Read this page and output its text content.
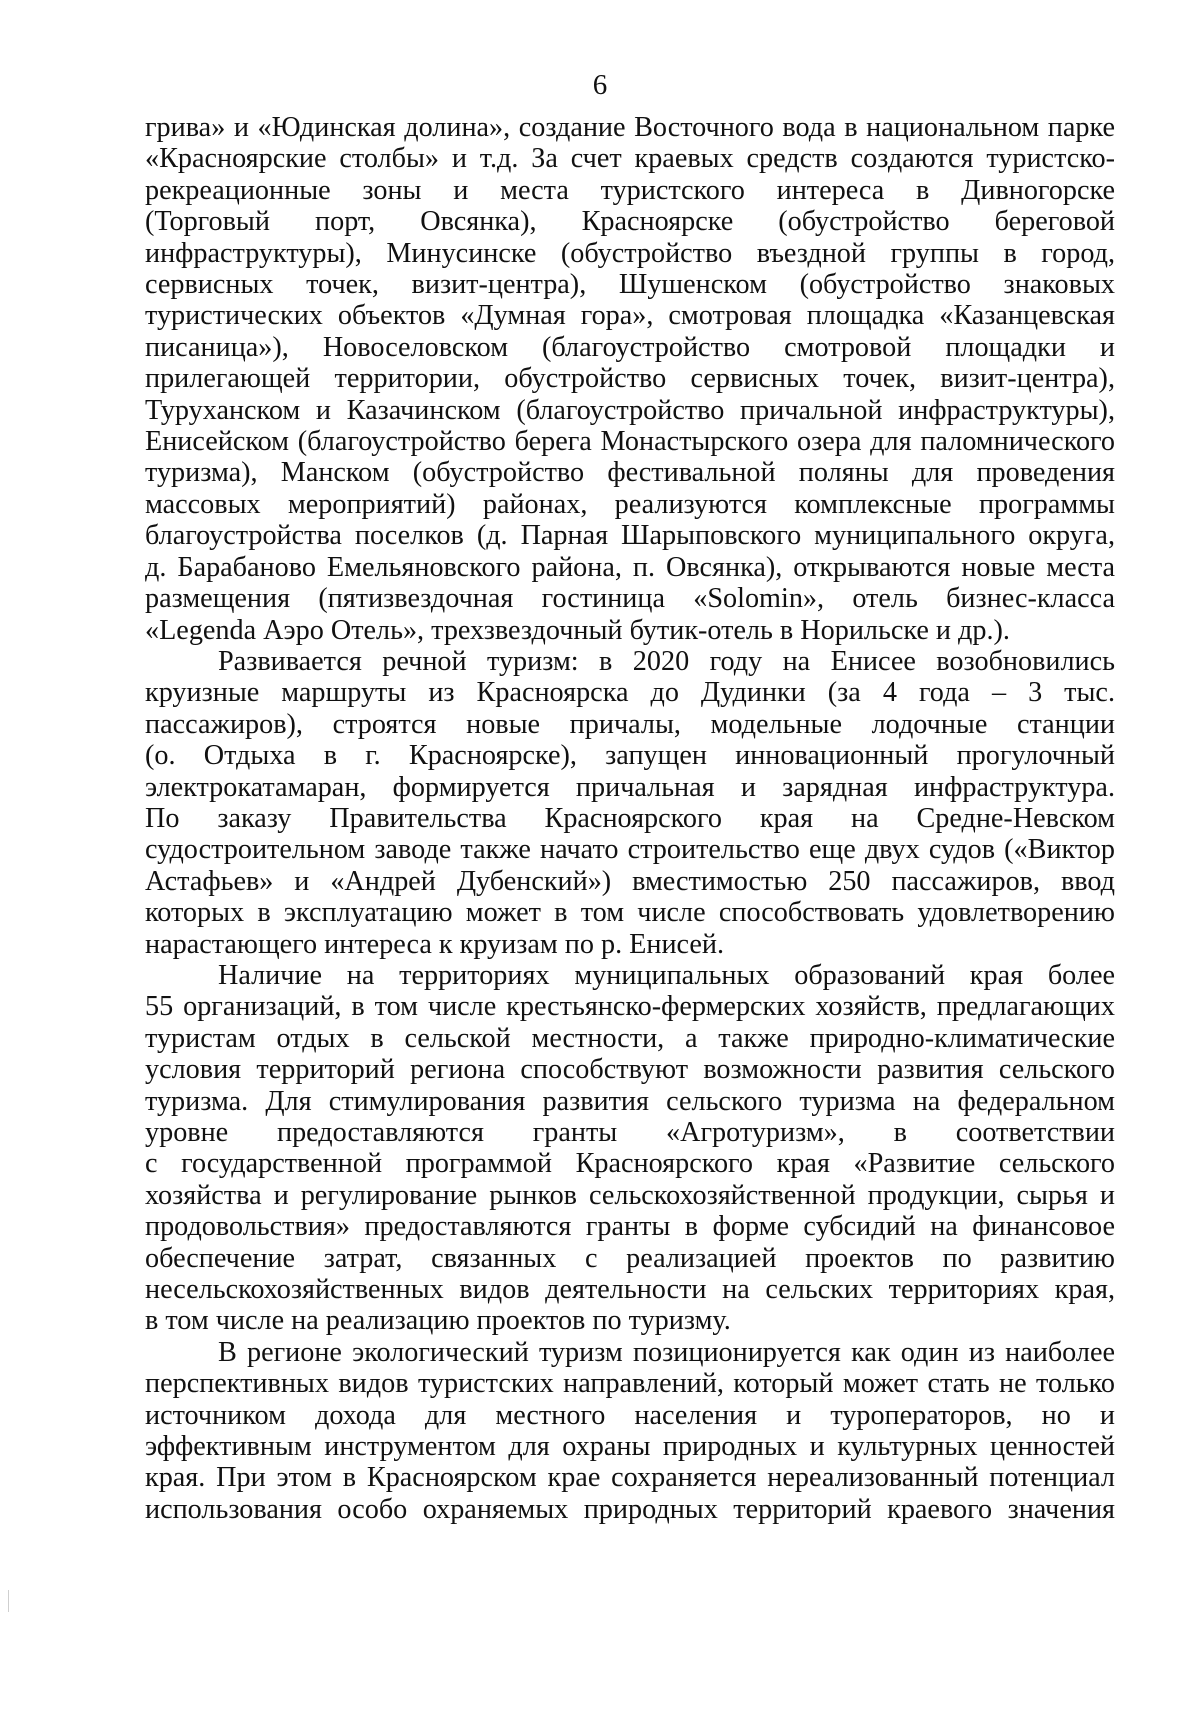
6

грива» и «Юдинская долина», создание Восточного вода в национальном парке
«Красноярские столбы» и т.д. За счет краевых средств создаются туристско-
рекреационные зоны и места туристского интереса в Дивногорске
(Торговый порт, Овсянка), Красноярске (обустройство береговой
инфраструктуры), Минусинске (обустройство въездной группы в город,
сервисных точек, визит-центра), Шушенском (обустройство знаковых
туристических объектов «Думная гора», смотровая площадка «Казанцевская
писаница»), Новоселовском (благоустройство смотровой площадки и
прилегающей территории, обустройство сервисных точек, визит-центра),
Туруханском и Казачинском (благоустройство причальной инфраструктуры),
Енисейском (благоустройство берега Монастырского озера для паломнического
туризма), Манском (обустройство фестивальной поляны для проведения
массовых мероприятий) районах, реализуются комплексные программы
благоустройства поселков (д. Парная Шарыповского муниципального округа,
д. Барабаново Емельяновского района, п. Овсянка), открываются новые места
размещения (пятизвездочная гостиница «Solomin», отель бизнес-класса
«Legenda Аэро Отель», трехзвездочный бутик-отель в Норильске и др.).

Развивается речной туризм: в 2020 году на Енисее возобновились
круизные маршруты из Красноярска до Дудинки (за 4 года – 3 тыс.
пассажиров), строятся новые причалы, модельные лодочные станции
(о. Отдыха в г. Красноярске), запущен инновационный прогулочный
электрокатамаран, формируется причальная и зарядная инфраструктура.
По заказу Правительства Красноярского края на Средне-Невском
судостроительном заводе также начато строительство еще двух судов («Виктор
Астафьев» и «Андрей Дубенский») вместимостью 250 пассажиров, ввод
которых в эксплуатацию может в том числе способствовать удовлетворению
нарастающего интереса к круизам по р. Енисей.

Наличие на территориях муниципальных образований края более
55 организаций, в том числе крестьянско-фермерских хозяйств, предлагающих
туристам отдых в сельской местности, а также природно-климатические
условия территорий региона способствуют возможности развития сельского
туризма. Для стимулирования развития сельского туризма на федеральном
уровне предоставляются гранты «Агротуризм», в соответствии
с государственной программой Красноярского края «Развитие сельского
хозяйства и регулирование рынков сельскохозяйственной продукции, сырья и
продовольствия» предоставляются гранты в форме субсидий на финансовое
обеспечение затрат, связанных с реализацией проектов по развитию
несельскохозяйственных видов деятельности на сельских территориях края,
в том числе на реализацию проектов по туризму.

В регионе экологический туризм позиционируется как один из наиболее
перспективных видов туристских направлений, который может стать не только
источником дохода для местного населения и туроператоров, но и
эффективным инструментом для охраны природных и культурных ценностей
края. При этом в Красноярском крае сохраняется нереализованный потенциал
использования особо охраняемых природных территорий краевого значения
